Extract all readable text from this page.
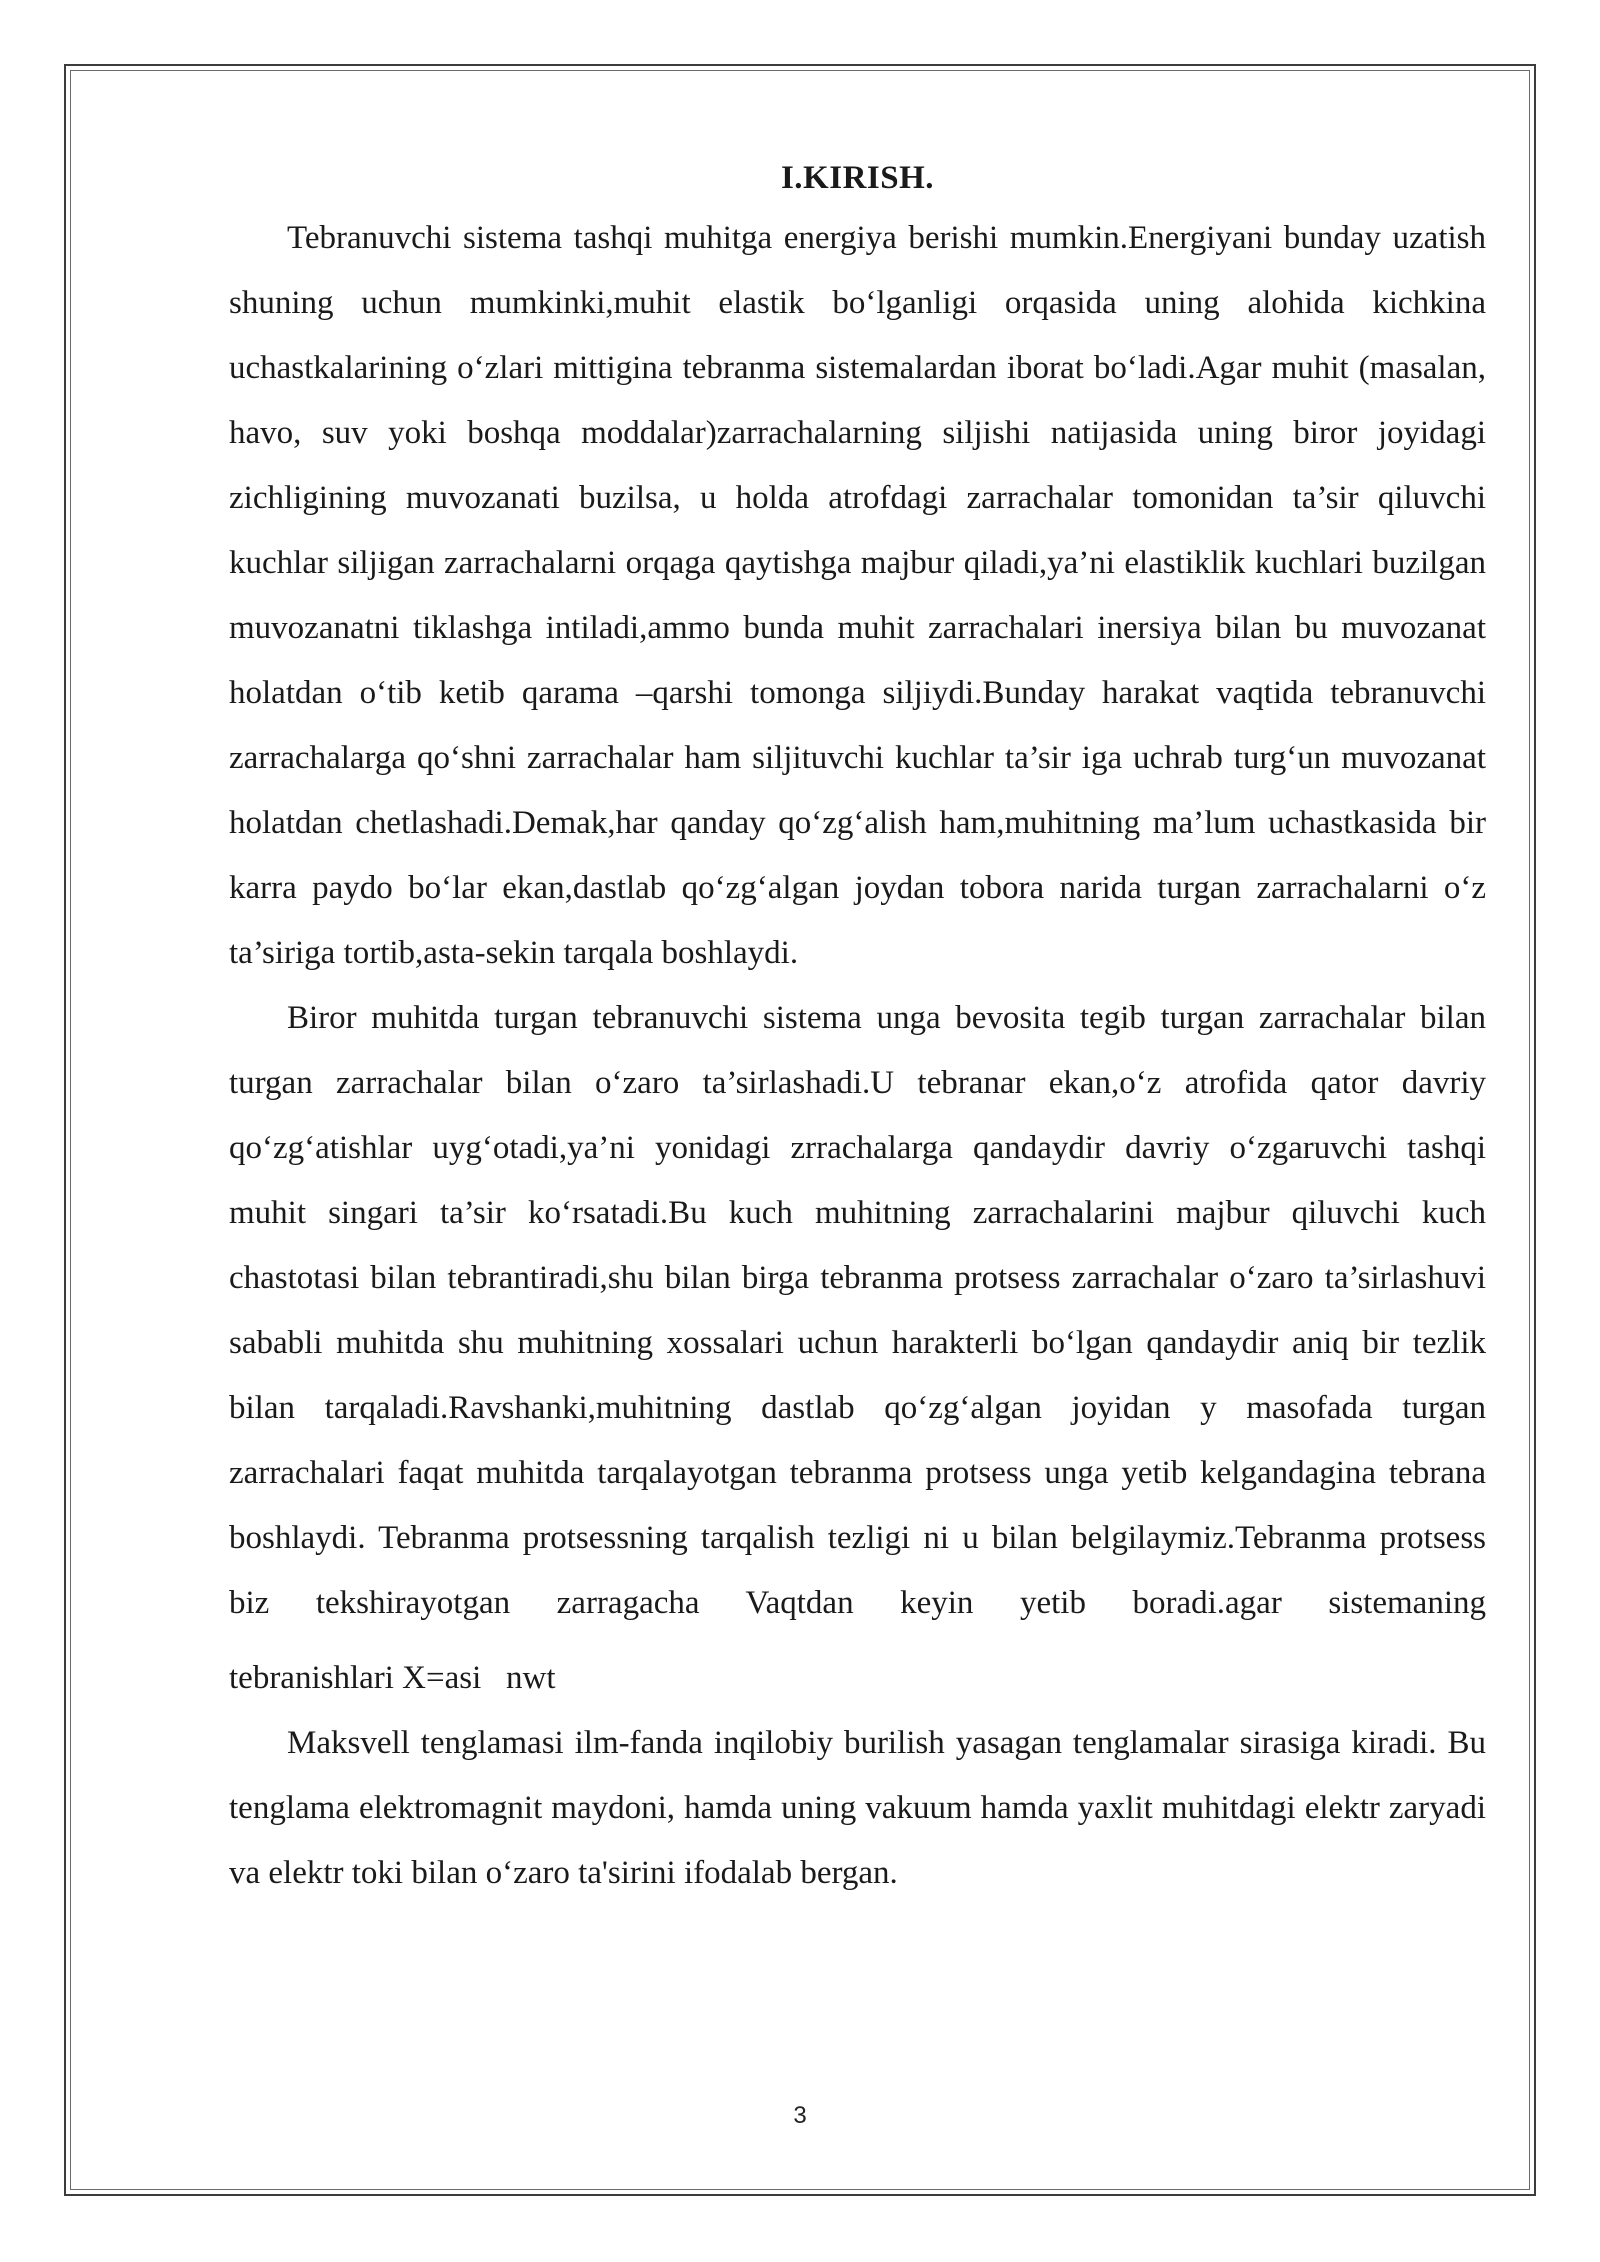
I.KIRISH.

Tebranuvchi sistema tashqi muhitga energiya berishi mumkin.Energiyani bunday uzatish shuning uchun mumkinki,muhit elastik bo‘lganligi orqasida uning alohida kichkina uchastkalarining o‘zlari mittigina tebranma sistemalardan iborat bo‘ladi.Agar muhit (masalan, havo, suv yoki boshqa moddalar)zarrachalarning siljishi natijasida uning biror joyidagi zichligining muvozanati buzilsa, u holda atrofdagi zarrachalar tomonidan ta’sir qiluvchi kuchlar siljigan zarrachalarni orqaga qaytishga majbur qiladi,ya’ni elastiklik kuchlari buzilgan muvozanatni tiklashga intiladi,ammo bunda muhit zarrachalari inersiya bilan bu muvozanat holatdan o‘tib ketib qarama –qarshi tomonga siljiydi.Bunday harakat vaqtida tebranuvchi zarrachalarga qo‘shni zarrachalar ham siljituvchi kuchlar ta’sir iga uchrab turg‘un muvozanat holatdan chetlashadi.Demak,har qanday qo‘zg‘alish ham,muhitning ma’lum uchastkasida bir karra paydo bo‘lar ekan,dastlab qo‘zg‘algan joydan tobora narida turgan zarrachalarni o‘z ta’siriga tortib,asta-sekin tarqala boshlaydi.

Biror muhitda turgan tebranuvchi sistema unga bevosita tegib turgan zarrachalar bilan turgan zarrachalar bilan o‘zaro ta’sirlashadi.U tebranar ekan,o‘z atrofida qator davriy qo‘zg‘atishlar uyg‘otadi,ya’ni yonidagi zrrachalarga qandaydir davriy o‘zgaruvchi tashqi muhit singari ta’sir ko‘rsatadi.Bu kuch muhitning zarrachalarini majbur qiluvchi kuch chastotasi bilan tebrantiradi,shu bilan birga tebranma protsess zarrachalar o‘zaro ta’sirlashuvi sababli muhitda shu muhitning xossalari uchun harakterli bo‘lgan qandaydir aniq bir tezlik bilan tarqaladi.Ravshanki,muhitning dastlab qo‘zg‘algan joyidan y masofada turgan zarrachalari faqat muhitda tarqalayotgan tebranma protsess unga yetib kelgandagina tebrana boshlaydi. Tebranma protsessning tarqalish tezligi ni u bilan belgilaymiz.Tebranma protsess biz tekshirayotgan zarragacha Vaqtdan keyin yetib boradi.agar sistemaning

tebranishlari X=asi   nwt

Maksvell tenglamasi ilm-fanda inqilobiy burilish yasagan tenglamalar sirasiga kiradi. Bu tenglama elektromagnit maydoni, hamda uning vakuum hamda yaxlit muhitdagi elektr zaryadi va elektr toki bilan o‘zaro ta'sirini ifodalab bergan.

3
